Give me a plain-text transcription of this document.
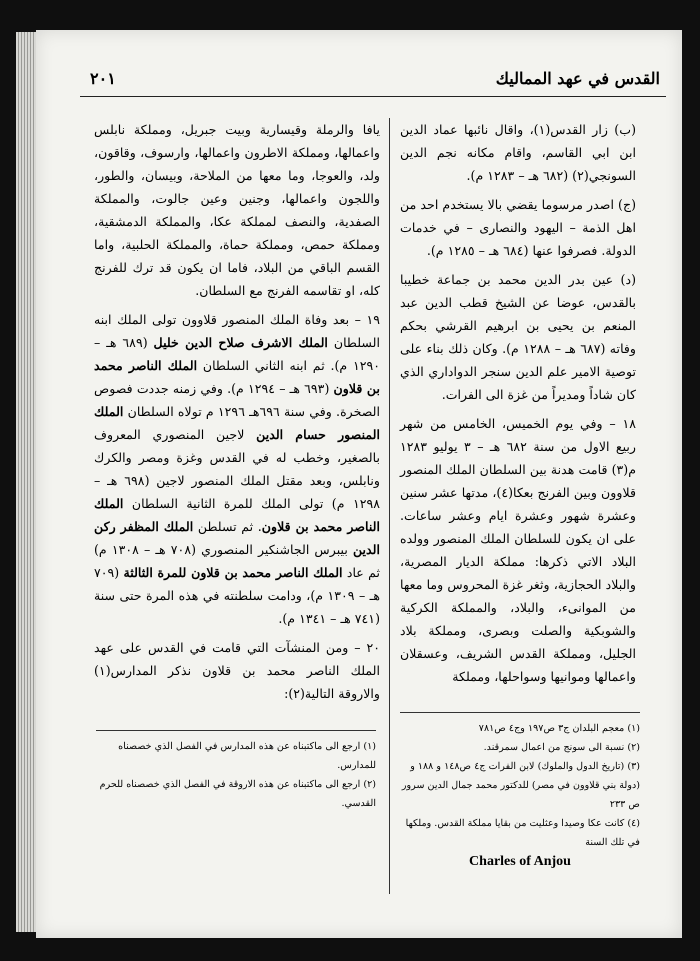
القدس في عهد المماليك
٢٠١

(ب) زار القدس(١)، واقال نائبها عماد الدين ابن ابي القاسم، واقام مكانه نجم الدين السونجي(٢) (٦٨٢ هـ – ١٢٨٣ م).

(ج) اصدر مرسوما يقضي بالا يستخدم احد من اهل الذمة – اليهود والنصارى – في خدمات الدولة. فصرفوا عنها (٦٨٤ هـ – ١٢٨٥ م).

(د) عين بدر الدين محمد بن جماعة خطيبا بالقدس، عوضا عن الشيخ قطب الدين عبد المنعم بن يحيى بن ابرهيم القرشي بحكم وفاته (٦٨٧ هـ – ١٢٨٨ م). وكان ذلك بناء على توصية الامير علم الدين سنجر الدواداري الذي كان شاداً ومديراً من غزة الى الفرات.

١٨ – وفي يوم الخميس، الخامس من شهر ربيع الاول من سنة ٦٨٢ هـ – ٣ يوليو ١٢٨٣ م(٣) قامت هدنة بين السلطان الملك المنصور قلاوون وبين الفرنج بعكا(٤)، مدتها عشر سنين وعشرة شهور وعشرة ايام وعشر ساعات. على ان يكون للسلطان الملك المنصور وولده البلاد الاتي ذكرها: مملكة الديار المصرية، والبلاد الحجازية، وثغر غزة المحروس وما معها من الموانىء، والبلاد، والمملكة الكركية والشوبكية والصلت وبصرى، ومملكة بلاد الجليل، ومملكة القدس الشريف، وعسقلان واعمالها وموانيها وسواحلها، ومملكة

يافا والرملة وقيسارية وبيت جبريل، ومملكة نابلس واعمالها، ومملكة الاطرون واعمالها، وارسوف، وقاقون، ولد، والعوجا، وما معها من الملاحة، وبيسان، والطور، واللجون واعمالها، وجنين وعين جالوت، والمملكة الصفدية، والنصف لمملكة عكا، والمملكة الدمشقية، ومملكة حمص، ومملكة حماة، والمملكة الحلبية، واما القسم الباقي من البلاد، فاما ان يكون قد ترك للفرنج كله، او تقاسمه الفرنج مع السلطان.

١٩ – بعد وفاة الملك المنصور قلاوون تولى الملك ابنه السلطان الملك الاشرف صلاح الدين خليل (٦٨٩ هـ – ١٢٩٠ م). ثم ابنه الثاني السلطان الملك الناصر محمد بن قلاون (٦٩٣ هـ – ١٢٩٤ م). وفي زمنه جددت فصوص الصخرة. وفي سنة ٦٩٦هـ ١٢٩٦ م تولاه السلطان الملك المنصور حسام الدين لاجين المنصوري المعروف بالصغير، وخطب له في القدس وغزة ومصر والكرك ونابلس، وبعد مقتل الملك المنصور لاجين (٦٩٨ هـ – ١٢٩٨ م) تولى الملك للمرة الثانية السلطان الملك الناصر محمد بن قلاون. ثم تسلطن الملك المظفر ركن الدين بيبرس الجاشنكير المنصوري (٧٠٨ هـ – ١٣٠٨ م) ثم عاد الملك الناصر محمد بن قلاون للمرة الثالثة (٧٠٩ هـ – ١٣٠٩ م)، ودامت سلطنته في هذه المرة حتى سنة (٧٤١ هـ – ١٣٤١ م).

٢٠ – ومن المنشآت التي قامت في القدس على عهد الملك الناصر محمد بن قلاون نذكر المدارس(١) والاروقة التالية(٢):

(١) معجم البلدان ج٣ ص١٩٧ وج٤ ص٧٨١

(٢) نسبة الى سونج من اعمال سمرقند.

(٣) (تاريخ الدول والملوك) لابن الفرات ج٤ ص١٤٨ و ١٨٨ و (دولة بني قلاوون في مصر) للدكتور محمد جمال الدين سرور ص ٢٣٣

(٤) كانت عكا وصيدا وعثليت من بقايا مملكة القدس. وملكها في تلك السنة

Charles of Anjou

(١) ارجع الى ماكتبناه عن هذه المدارس في الفصل الذي خصصناه للمدارس.

(٢) ارجع الى ماكتبناه عن هذه الاروقة في الفصل الذي خصصناه للحرم القدسي.
